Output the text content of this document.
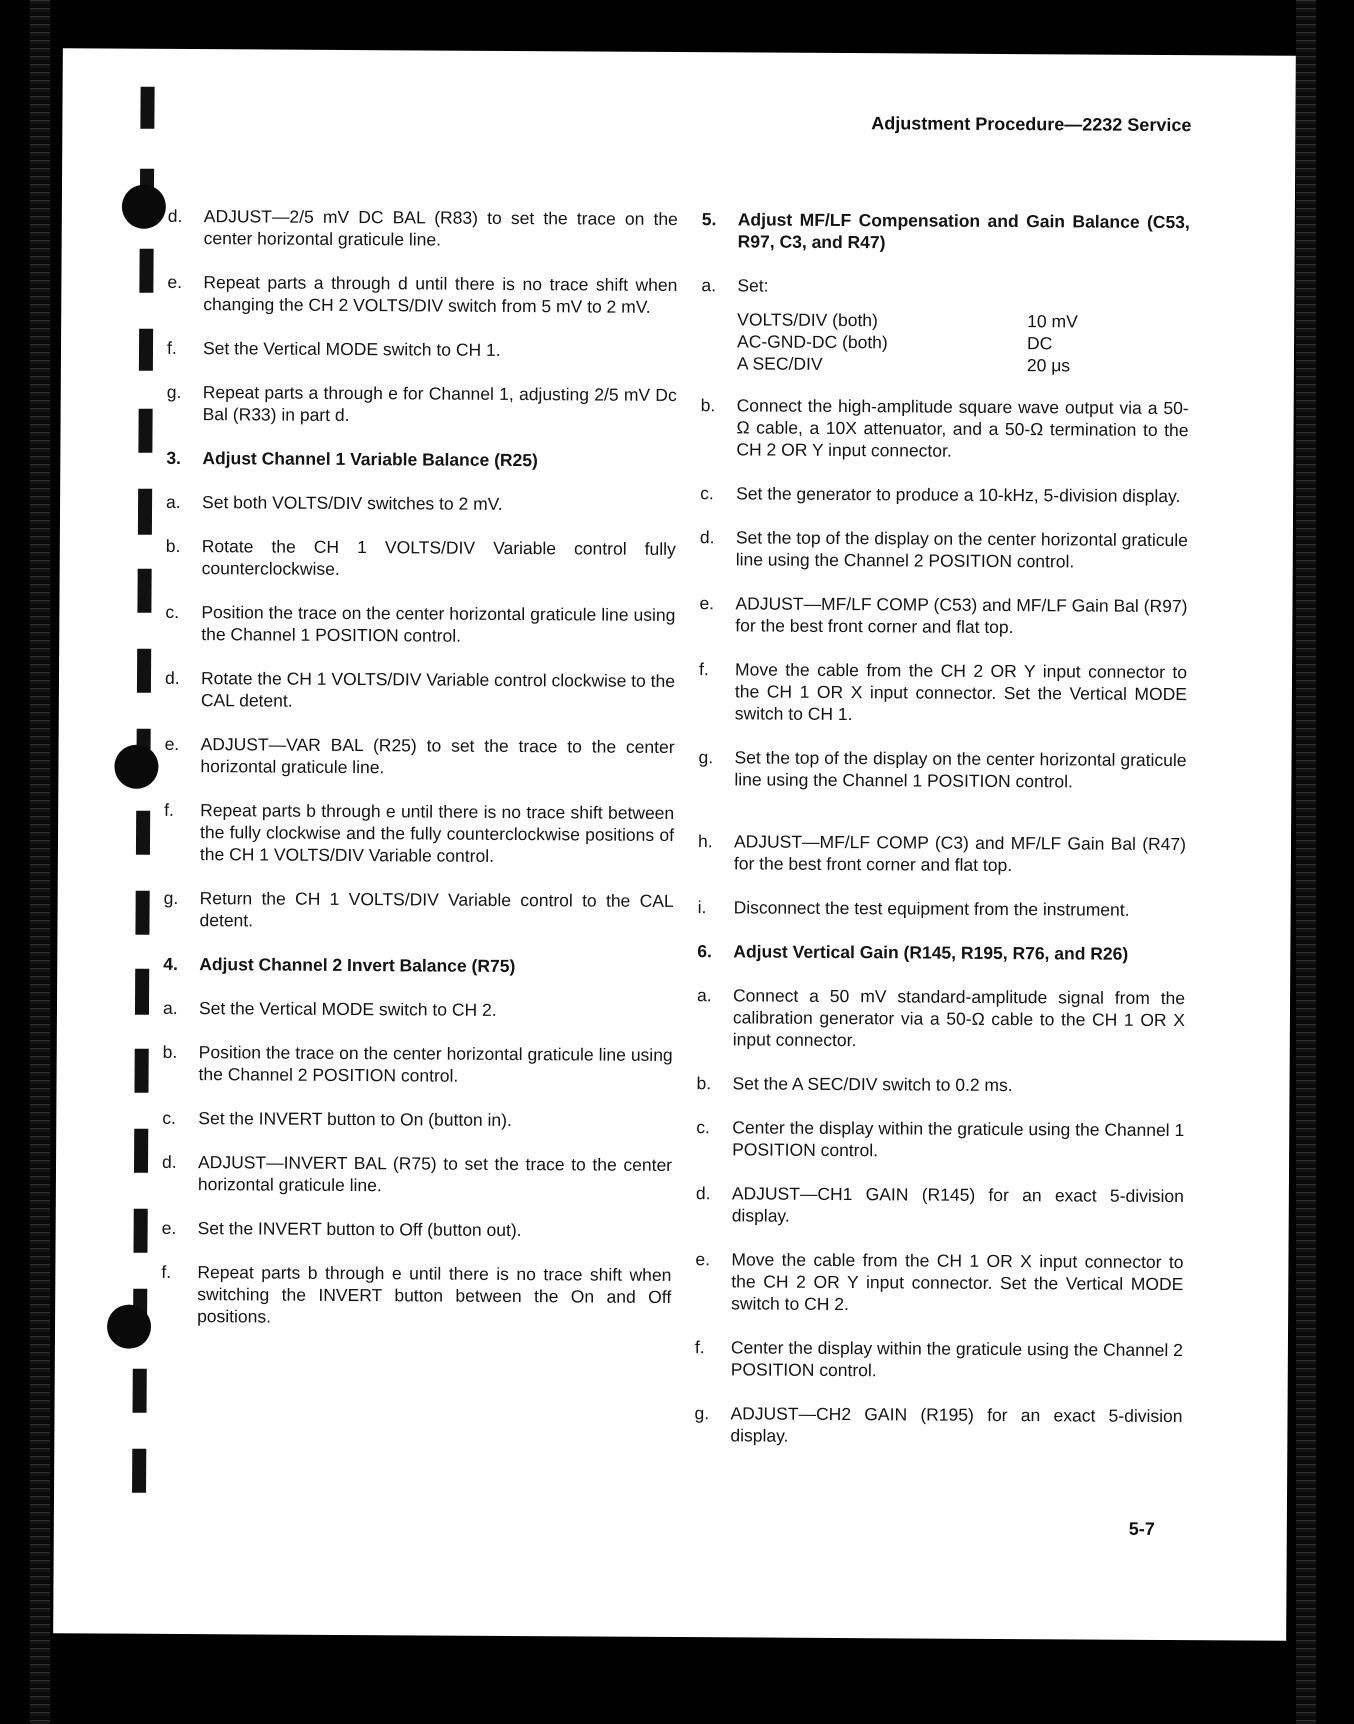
Adjustment Procedure—2232 Service
d.	ADJUST—2/5 mV DC BAL (R83) to set the trace on the center horizontal graticule line.
e.	Repeat parts a through d until there is no trace shift when changing the CH 2 VOLTS/DIV switch from 5 mV to 2 mV.
f.	Set the Vertical MODE switch to CH 1.
g.	Repeat parts a through e for Channel 1, adjusting 2/5 mV Dc Bal (R33) in part d.
3.	Adjust Channel 1 Variable Balance (R25)
a.	Set both VOLTS/DIV switches to 2 mV.
b.	Rotate the CH 1 VOLTS/DIV Variable control fully counterclockwise.
c.	Position the trace on the center horizontal graticule line using the Channel 1 POSITION control.
d.	Rotate the CH 1 VOLTS/DIV Variable control clockwise to the CAL detent.
e.	ADJUST—VAR BAL (R25) to set the trace to the center horizontal graticule line.
f.	Repeat parts b through e until there is no trace shift between the fully clockwise and the fully counterclockwise positions of the CH 1 VOLTS/DIV Variable control.
g.	Return the CH 1 VOLTS/DIV Variable control to the CAL detent.
4.	Adjust Channel 2 Invert Balance (R75)
a.	Set the Vertical MODE switch to CH 2.
b.	Position the trace on the center horizontal graticule line using the Channel 2 POSITION control.
c.	Set the INVERT button to On (button in).
d.	ADJUST—INVERT BAL (R75) to set the trace to the center horizontal graticule line.
e.	Set the INVERT button to Off (button out).
f.	Repeat parts b through e until there is no trace shift when switching the INVERT button between the On and Off positions.
5.	Adjust MF/LF Compensation and Gain Balance (C53, R97, C3, and R47)
a.	Set:
VOLTS/DIV (both)	10 mV
AC-GND-DC (both)	DC
A SEC/DIV	20 μs
b.	Connect the high-amplitude square wave output via a 50-Ω cable, a 10X attenuator, and a 50-Ω termination to the CH 2 OR Y input connector.
c.	Set the generator to produce a 10-kHz, 5-division display.
d.	Set the top of the display on the center horizontal graticule line using the Channel 2 POSITION control.
e.	ADJUST—MF/LF COMP (C53) and MF/LF Gain Bal (R97) for the best front corner and flat top.
f.	Move the cable from the CH 2 OR Y input connector to the CH 1 OR X input connector. Set the Vertical MODE switch to CH 1.
g.	Set the top of the display on the center horizontal graticule line using the Channel 1 POSITION control.
h.	ADJUST—MF/LF COMP (C3) and MF/LF Gain Bal (R47) for the best front corner and flat top.
i.	Disconnect the test equipment from the instrument.
6.	Adjust Vertical Gain (R145, R195, R76, and R26)
a.	Connect a 50 mV standard-amplitude signal from the calibration generator via a 50-Ω cable to the CH 1 OR X input connector.
b.	Set the A SEC/DIV switch to 0.2 ms.
c.	Center the display within the graticule using the Channel 1 POSITION control.
d.	ADJUST—CH1 GAIN (R145) for an exact 5-division display.
e.	Move the cable from the CH 1 OR X input connector to the CH 2 OR Y input connector. Set the Vertical MODE switch to CH 2.
f.	Center the display within the graticule using the Channel 2 POSITION control.
g.	ADJUST—CH2 GAIN (R195) for an exact 5-division display.
5-7
